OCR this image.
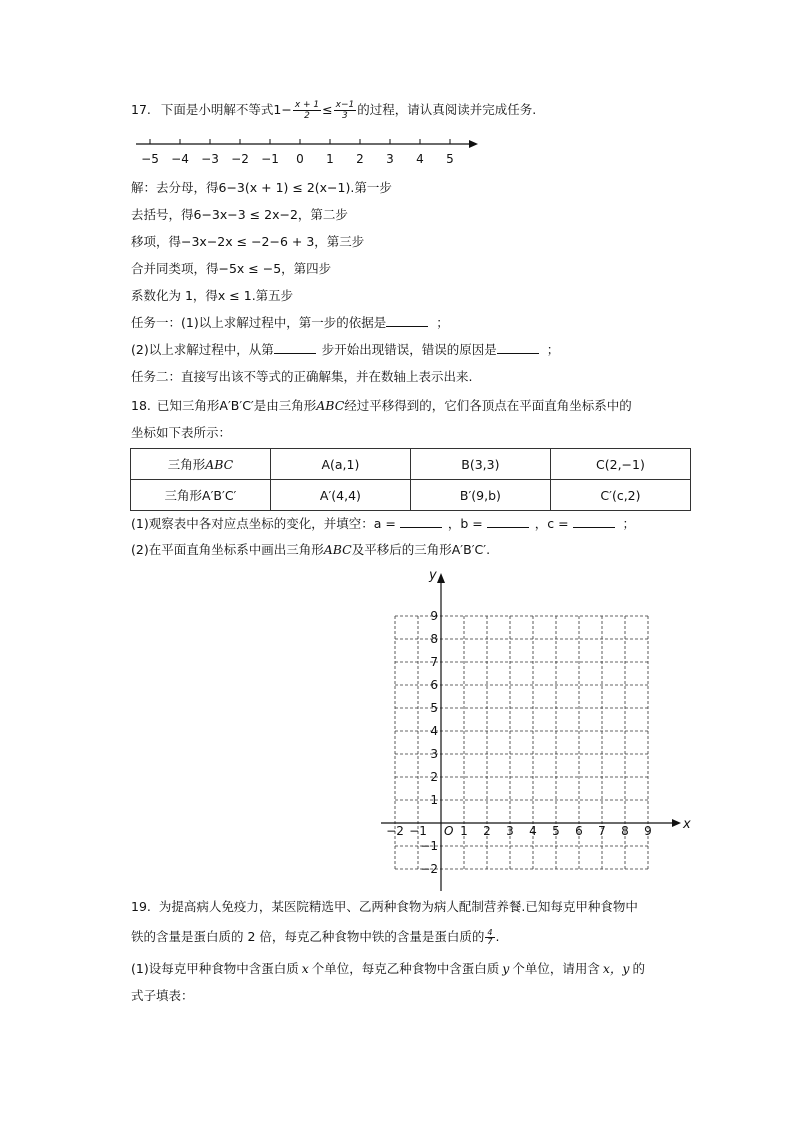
17. 下面是小明解不等式$1- \frac{x + 1}{2} \le \frac{x-1}{3}$ 的过程，请认真阅读并完成任务.
−5 −4 −3 −2 −1 0 1 2 3 4 5
解：去分母，得6−3(x + 1) ≤ 2(x−1).第一步
去括号，得6−3x−3 ≤ 2x−2，第二步
移项，得−3x−2x ≤ −2−6 + 3，第三步
合并同类项，得−5x ≤ −5，第四步
系数化为 1，得x ≤ 1.第五步
任务一：(1)以上求解过程中，第一步的依据是	；
(2)以上求解过程中，从第	步开始出现错误，错误的原因是	；
任务二：直接写出该不等式的正确解集，并在数轴上表示出来.
18. 已知三角形A′B′C′是由三角形ABC经过平移得到的，它们各顶点在平面直角坐标系中的
坐标如下表所示：
三角形ABC	A(a,1)	B(3,3)	C(2,−1)
三角形A′B′C′	A′(4,4)	B′(9,b)	C′(c,2)
(1)观察表中各对应点坐标的变化，并填空：a =	，b =	，c =	；
(2)在平面直角坐标系中画出三角形ABC及平移后的三角形A′B′C′.
x
y
O
−2 −1	1 2 3 4 5 6 7 8 9
9
8
7
6
5
4
3
2
1
−1
−2
19. 为提高病人免疫力，某医院精选甲、乙两种食物为病人配制营养餐.已知每克甲种食物中
铁的含量是蛋白质的 2 倍，每克乙种食物中铁的含量是蛋白质的 $\frac{4}{7}$ .
(1)设每克甲种食物中含蛋白质 x 个单位，每克乙种食物中含蛋白质 y 个单位，请用含 x，y 的
式子填表：
